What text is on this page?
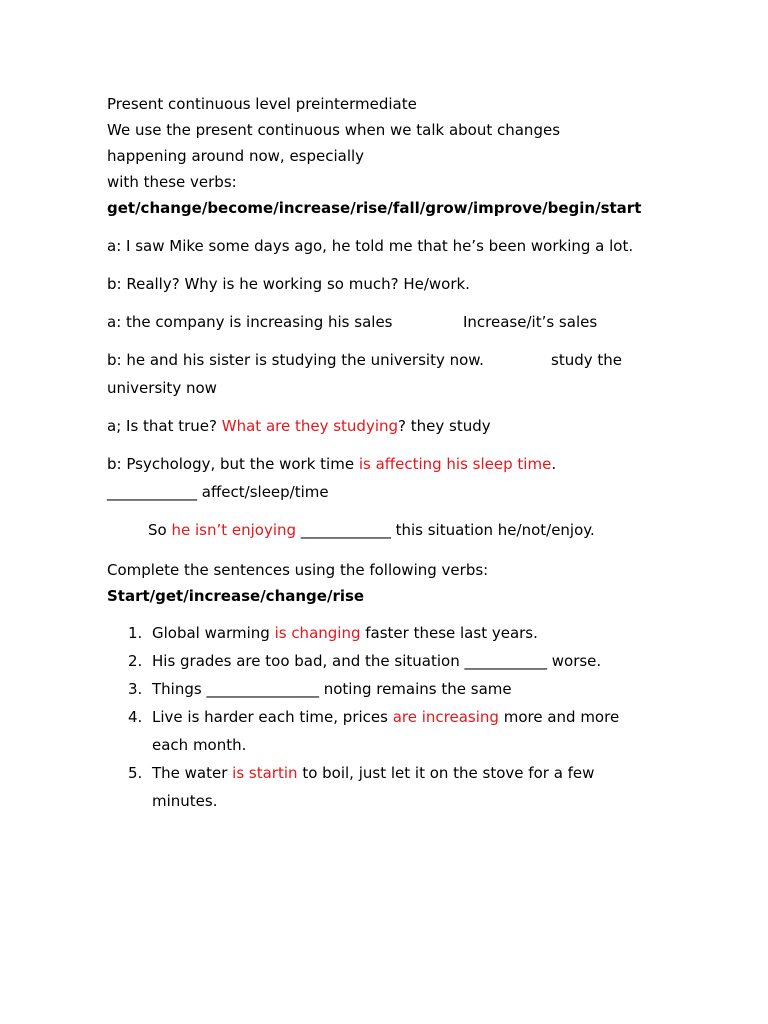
Present continuous level preintermediate
We use the present continuous when we talk about changes
happening around now, especially
with these verbs:
get/change/become/increase/rise/fall/grow/improve/begin/start
a: I saw Mike some days ago, he told me that he’s been working a lot.
b: Really? Why is he working so much? He/work.
a: the company is increasing his sales	Increase/it’s sales
b: he and his sister is studying the university now.	study the
university now
a; Is that true? What are they studying? they study
b: Psychology, but the work time is affecting his sleep time.
____________ affect/sleep/time
So he isn’t enjoying ____________ this situation he/not/enjoy.
Complete the sentences using the following verbs:
Start/get/increase/change/rise
1. Global warming is changing faster these last years.
2. His grades are too bad, and the situation ___________ worse.
3. Things _______________ noting remains the same
4. Live is harder each time, prices are increasing more and more
each month.
5. The water is startin to boil, just let it on the stove for a few
minutes.
